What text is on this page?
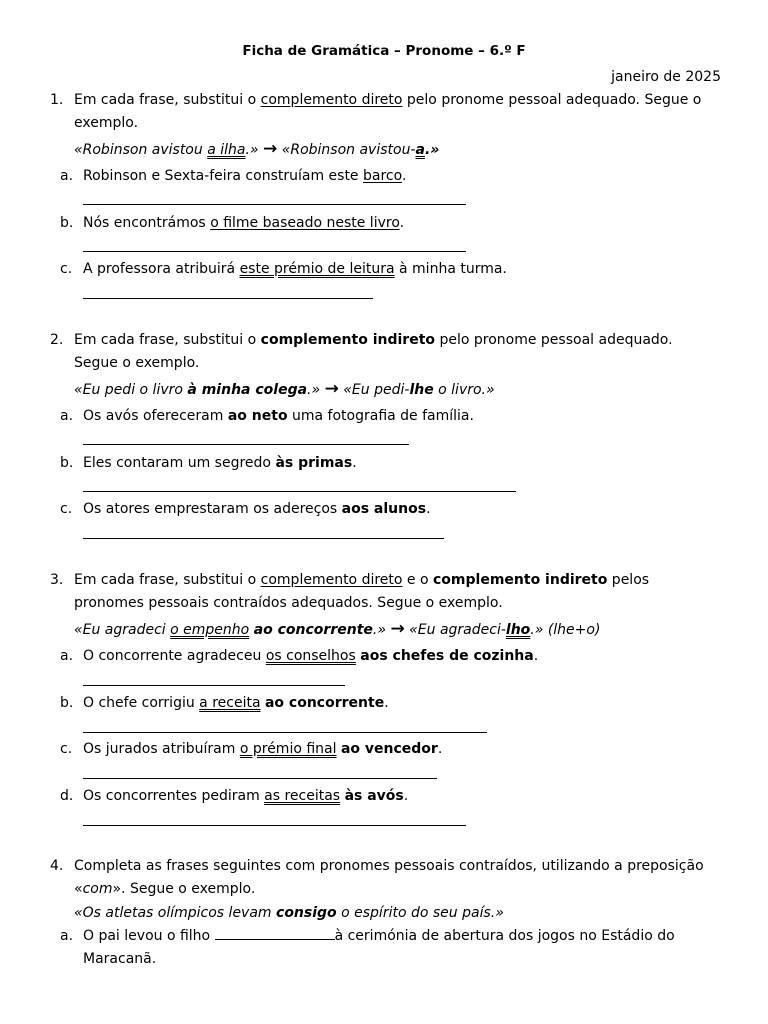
Ficha de Gramática – Pronome – 6.º F
janeiro de 2025
1. Em cada frase, substitui o complemento direto pelo pronome pessoal adequado. Segue o
exemplo.
«Robinson avistou a ilha.» → «Robinson avistou-a.»
a. Robinson e Sexta-feira construíam este barco.
b. Nós encontrámos o filme baseado neste livro.
c. A professora atribuirá este prémio de leitura à minha turma.
2. Em cada frase, substitui o complemento indireto pelo pronome pessoal adequado.
Segue o exemplo.
«Eu pedi o livro à minha colega.» → «Eu pedi-lhe o livro.»
a. Os avós ofereceram ao neto uma fotografia de família.
b. Eles contaram um segredo às primas.
c. Os atores emprestaram os adereços aos alunos.
3. Em cada frase, substitui o complemento direto e o complemento indireto pelos
pronomes pessoais contraídos adequados. Segue o exemplo.
«Eu agradeci o empenho ao concorrente.» → «Eu agradeci-lho.» (lhe+o)
a. O concorrente agradeceu os conselhos aos chefes de cozinha.
b. O chefe corrigiu a receita ao concorrente.
c. Os jurados atribuíram o prémio final ao vencedor.
d. Os concorrentes pediram as receitas às avós.
4. Completa as frases seguintes com pronomes pessoais contraídos, utilizando a preposição
«com». Segue o exemplo.
«Os atletas olímpicos levam consigo o espírito do seu país.»
a. O pai levou o filho	à cerimónia de abertura dos jogos no Estádio do
Maracanã.
